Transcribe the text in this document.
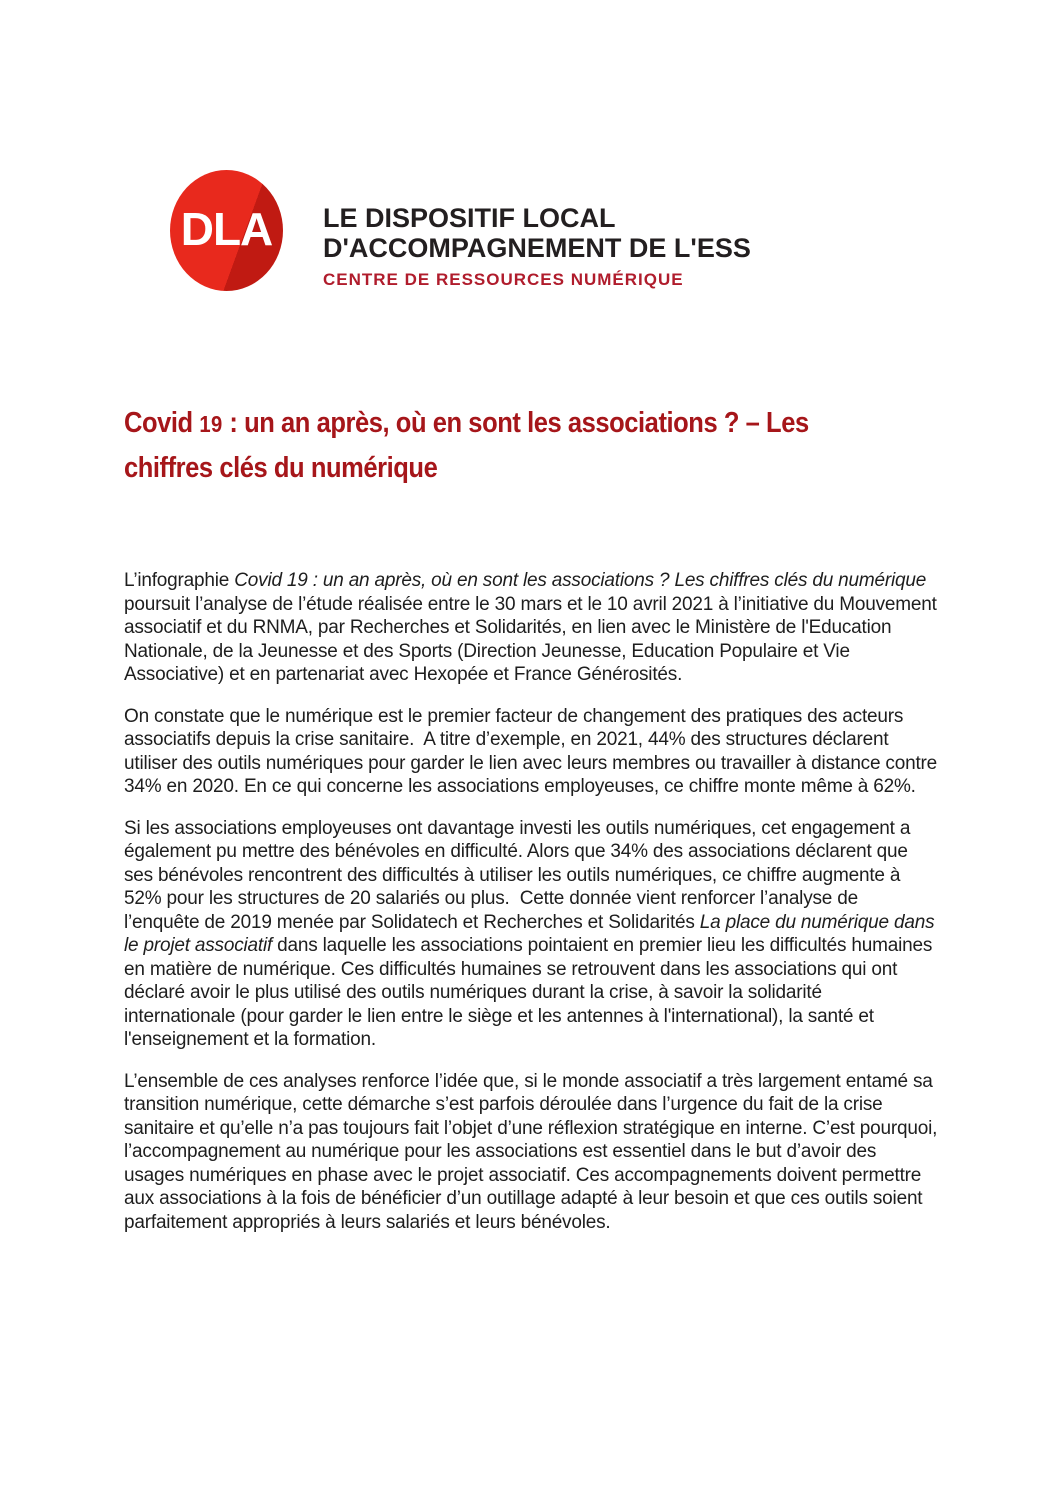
DLA LE DISPOSITIF LOCAL
D'ACCOMPAGNEMENT DE L'ESS
CENTRE DE RESSOURCES NUMÉRIQUE
Covid 19 : un an après, où en sont les associations ? – Les
chiffres clés du numérique

L’infographie Covid 19 : un an après, où en sont les associations ? Les chiffres clés du numérique poursuit l’analyse de l’étude réalisée entre le 30 mars et le 10 avril 2021 à l’initiative du Mouvement associatif et du RNMA, par Recherches et Solidarités, en lien avec le Ministère de l'Education Nationale, de la Jeunesse et des Sports (Direction Jeunesse, Education Populaire et Vie Associative) et en partenariat avec Hexopée et France Générosités.

On constate que le numérique est le premier facteur de changement des pratiques des acteurs associatifs depuis la crise sanitaire.  A titre d’exemple, en 2021, 44% des structures déclarent utiliser des outils numériques pour garder le lien avec leurs membres ou travailler à distance contre 34% en 2020. En ce qui concerne les associations employeuses, ce chiffre monte même à 62%.

Si les associations employeuses ont davantage investi les outils numériques, cet engagement a également pu mettre des bénévoles en difficulté. Alors que 34% des associations déclarent que ses bénévoles rencontrent des difficultés à utiliser les outils numériques, ce chiffre augmente à 52% pour les structures de 20 salariés ou plus.  Cette donnée vient renforcer l’analyse de l’enquête de 2019 menée par Solidatech et Recherches et Solidarités La place du numérique dans le projet associatif dans laquelle les associations pointaient en premier lieu les difficultés humaines en matière de numérique. Ces difficultés humaines se retrouvent dans les associations qui ont déclaré avoir le plus utilisé des outils numériques durant la crise, à savoir la solidarité internationale (pour garder le lien entre le siège et les antennes à l'international), la santé et l'enseignement et la formation.

L’ensemble de ces analyses renforce l’idée que, si le monde associatif a très largement entamé sa transition numérique, cette démarche s’est parfois déroulée dans l’urgence du fait de la crise sanitaire et qu’elle n’a pas toujours fait l’objet d’une réflexion stratégique en interne. C’est pourquoi, l’accompagnement au numérique pour les associations est essentiel dans le but d’avoir des usages numériques en phase avec le projet associatif. Ces accompagnements doivent permettre aux associations à la fois de bénéficier d’un outillage adapté à leur besoin et que ces outils soient parfaitement appropriés à leurs salariés et leurs bénévoles.
